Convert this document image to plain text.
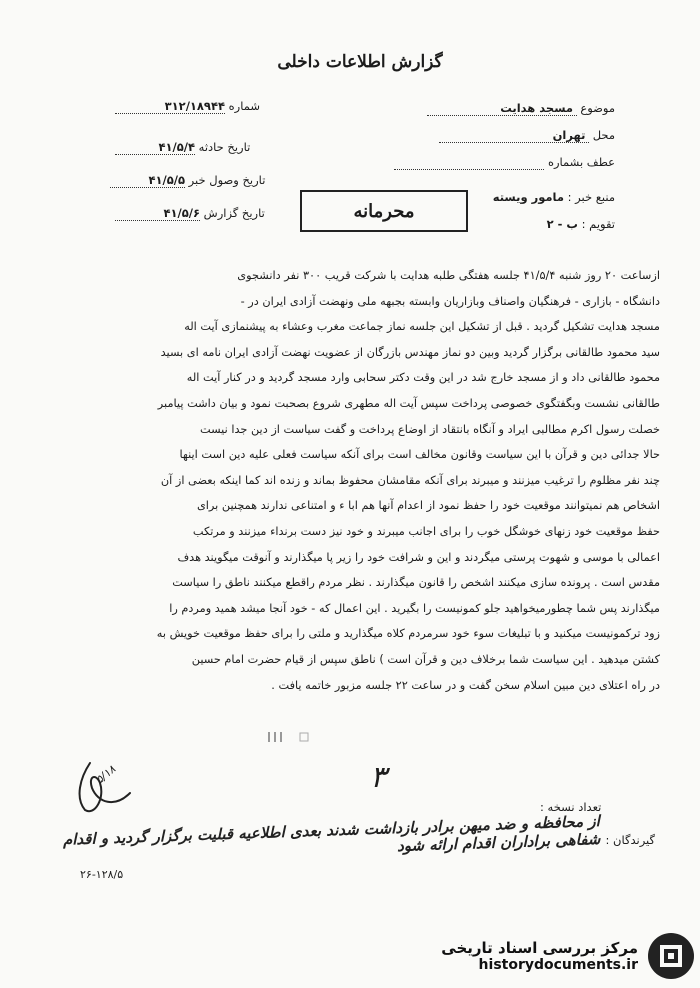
گزارش اطلاعات داخلی
موضوع  مسجد هدایت
محل  تهران
عطف بشماره
منبع خبر : مامور ویسته
تقویم : ب - ۲
شماره ۳۱۲/۱۸۹۴۴
تاریخ حادثه ۴۱/۵/۴
تاریخ وصول خبر ۴۱/۵/۵
تاریخ گزارش ۴۱/۵/۶	محرمانه

ازساعت ۲۰ روز شنبه ۴۱/۵/۴ جلسه هفتگی طلبه هدایت با شرکت قریب ۳۰۰ نفر دانشجوی

دانشگاه - بازاری - فرهنگیان واصناف وبازاریان وابسته بجبهه ملی ونهضت آزادی ایران در -

مسجد هدایت تشکیل گردید . قبل از تشکیل این جلسه نماز جماعت مغرب وعشاء به پیشنمازی آیت اله

سید محمود طالقانی برگزار گردید وبین دو نماز مهندس بازرگان از عضویت نهضت آزادی ایران نامه ای بسید

محمود طالقانی داد و از مسجد خارج شد در این وقت دکتر سحابی وارد مسجد گردید و در کنار آیت اله

طالقانی نشست وبگفتگوی خصوصی پرداخت سپس آیت اله مطهری شروع بصحبت نمود و بیان داشت پیامبر

خصلت رسول اکرم مطالبی ایراد و آنگاه بانتقاد از اوضاع پرداخت و گفت سیاست از دین جدا نیست

حالا جدائی دین و قرآن با این سیاست وقانون مخالف است برای آنکه سیاست فعلی علیه دین است اینها

چند نفر مظلوم را ترغیب میزنند و میبرند برای آنکه مقامشان محفوظ بماند و زنده اند کما اینکه بعضی از آن

اشخاص هم نمیتوانند موقعیت خود را حفظ نمود از اعدام آنها هم ابا ء و امتناعی ندارند همچنین برای

حفظ موقعیت خود زنهای خوشگل خوب را برای اجانب میبرند و خود نیز دست برنداء میزنند و مرتکب

اعمالی با موسی و شهوت پرستی میگردند و این و شرافت خود را زیر پا میگذارند و آنوقت میگویند هدف

مقدس است . پرونده سازی میکنند اشخص را قانون میگذارند . نظر مردم راقطع میکنند ناطق را سیاست

میگذارند پس شما چطورمیخواهید جلو کمونیست را بگیرید . این اعمال که - خود آنجا میشد همید ومردم را

زود ترکمونیست میکنید و با تبلیغات سوء خود سرمردم کلاه میگذارید و ملتی را برای حفظ موقعیت خویش به

کشتن میدهید . این سیاست شما برخلاف دین و قرآن است ) ناطق سپس از قیام حضرت امام حسین

در راه اعتلای دین مبین اسلام سخن گفت و در ساعت ۲۲ جلسه مزبور خاتمه یافت .

٣
۵/۱۸
تعداد نسخه :
گیرندگان :
از محافظه و ضد میهن برادر بازداشت شدند بعدی اطلاعیه قبلیت برگزار گردید و اقدام شفاهی براداران اقدام ارائه شود
۲۶-۱۲۸/۵
مرکز بررسی اسناد تاریخی
historydocuments.ir
